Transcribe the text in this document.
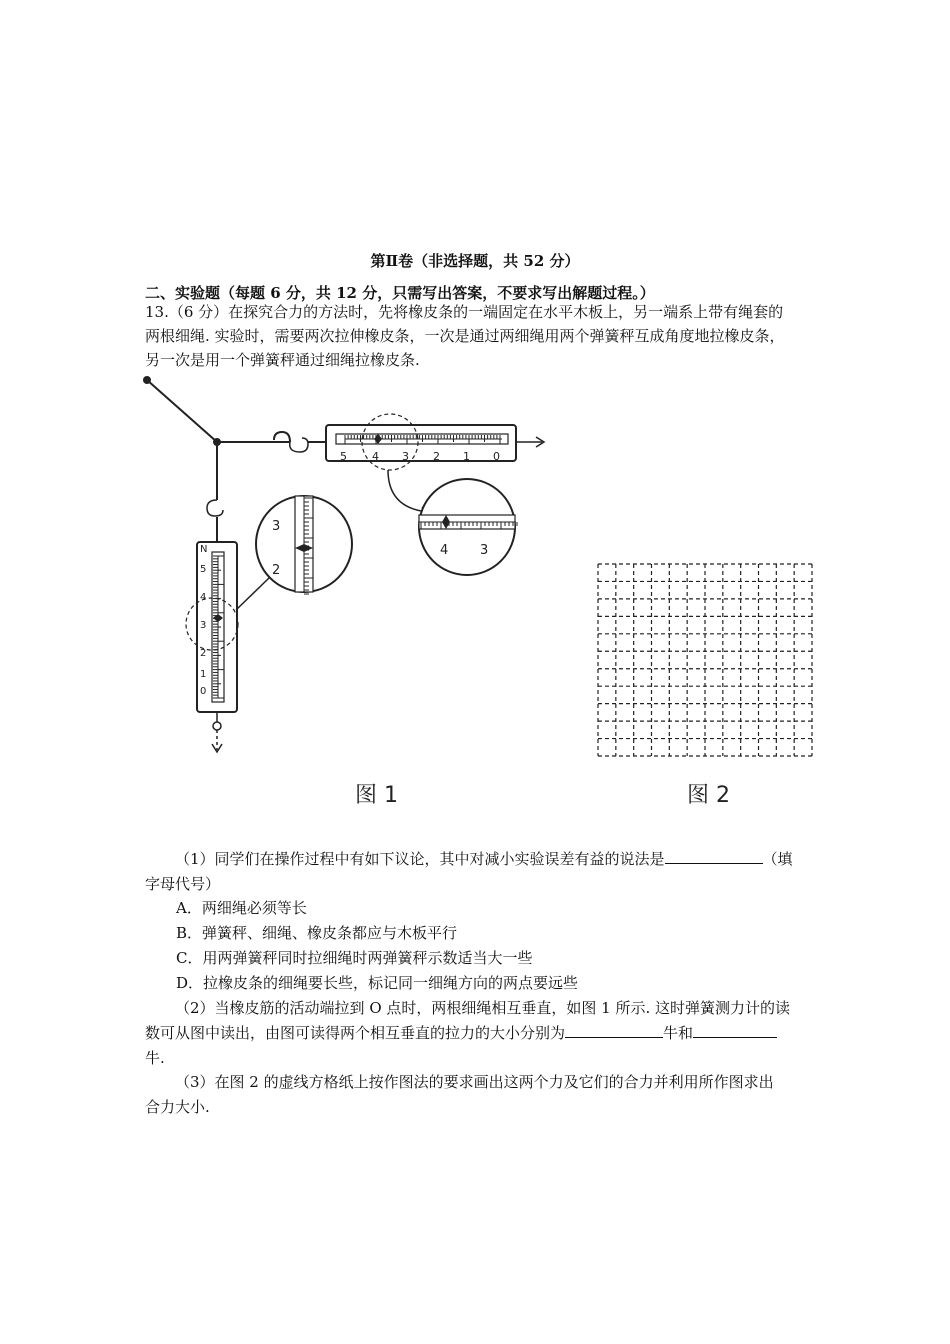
第Ⅱ卷（非选择题，共 52 分）
二、实验题（每题 6 分，共 12 分，只需写出答案，不要求写出解题过程。）
13.（6 分）在探究合力的方法时，先将橡皮条的一端固定在水平木板上，另一端系上带有绳套的
两根细绳. 实验时，需要两次拉伸橡皮条，一次是通过两细绳用两个弹簧秤互成角度地拉橡皮条，
另一次是用一个弹簧秤通过细绳拉橡皮条.
5 4 3 2 1 0
4 3
N
5
4
3
2
1
0
3
2
图 1	图 2
（1）同学们在操作过程中有如下议论，其中对减小实验误差有益的说法是	（填
字母代号）
A．两细绳必须等长
B．弹簧秤、细绳、橡皮条都应与木板平行
C．用两弹簧秤同时拉细绳时两弹簧秤示数适当大一些
D．拉橡皮条的细绳要长些，标记同一细绳方向的两点要远些
（2）当橡皮筋的活动端拉到 O 点时，两根细绳相互垂直，如图 1 所示. 这时弹簧测力计的读
数可从图中读出，由图可读得两个相互垂直的拉力的大小分别为	牛和
牛.
（3）在图 2 的虚线方格纸上按作图法的要求画出这两个力及它们的合力并利用所作图求出
合力大小.
